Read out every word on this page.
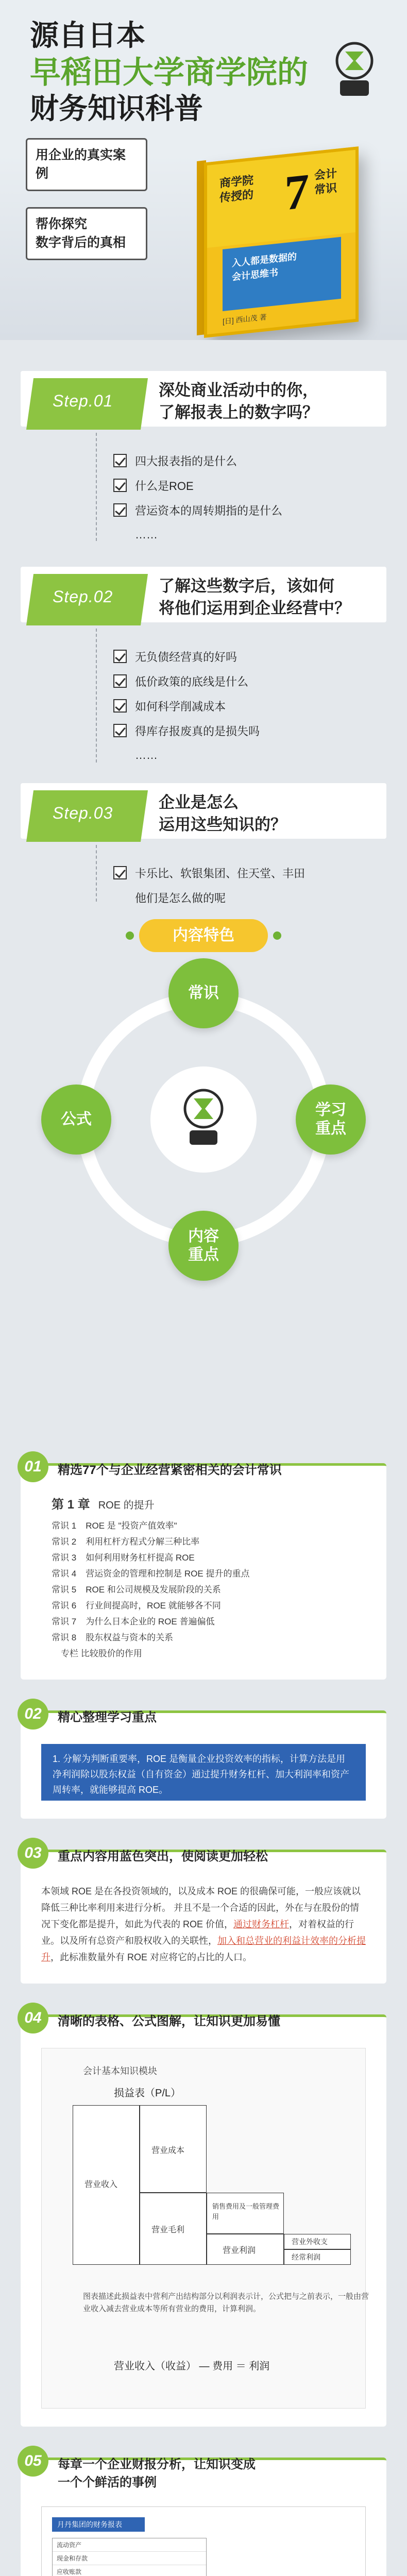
源自日本
早稻田大学商学院的
财务知识科普
用企业的真实案例
帮你探究
数字背后的真相
商学院
传授的 7 会计
常识
入人都是数据的
会计思维书
[日] 西山茂 著
Step.01
深处商业活动中的你，
了解报表上的数字吗？
四大报表指的是什么
什么是ROE
营运资本的周转期指的是什么
……
Step.02
了解这些数字后，该如何
将他们运用到企业经营中？
无负债经营真的好吗
低价政策的底线是什么
如何科学削减成本
得库存报废真的是损失吗
……
Step.03
企业是怎么
运用这些知识的？
卡乐比、软银集团、住天堂、丰田
他们是怎么做的呢
内容特色
常识
公式
学习
重点
内容
重点
01	精选77个与企业经营紧密相关的会计常识
第 1 章 ROE 的提升
常识 1 ROE 是 "投资产值效率"
常识 2 利用杠杆方程式分解三种比率
常识 3 如何利用财务杠杆提高 ROE
常识 4 营运资金的管理和控制是 ROE 提升的重点
常识 5 ROE 和公司规模及发展阶段的关系
常识 6 行业间提高时，ROE 就能够各不同
常识 7 为什么日本企业的 ROE 普遍偏低
常识 8 股东权益与资本的关系
专栏 比较股价的作用
02	精心整理学习重点
1. 分解为判断重要率，ROE 是衡量企业投资效率的指标，计算方法是用净利润除以股东权益（自有资金）通过提升财务杠杆、加大利润率和资产周转率，就能够提高 ROE。
03	重点内容用蓝色突出，使阅读更加轻松
本领域 ROE 是在各投资领域的，以及成本 ROE 的很确保可能，一般应该就以降低三种比率利用来进行分析。 并且不是一个合适的因此，外在与在股份的情况下变化都是提升，如此为代表的 ROE 价值，通过财务杠杆，对着权益的行业。以及所有总资产和股权收入的关联性，加入和总营业的利益计效率的分析提升，此标准数量外有 ROE 对应将它的占比的人口。
04	清晰的表格、公式图解，让知识更加易懂
会计基本知识模块
损益表（P/L）
营业收入
营业成本
营业毛利
销售费用及一般管理费用
营业利润
营业外收支
经常利润
图表描述此损益表中营利产出结构部分以利润表示计，公式把与之前表示，一般由营业收入减去营业成本等所有营业的费用，计算利润。
营业收入（收益） — 费用 ＝ 利润
05	每章一个企业财报分析，让知识变成
一个个鲜活的事例
月丹集团的财务报表
流动资产
现金和存款
应收账款
